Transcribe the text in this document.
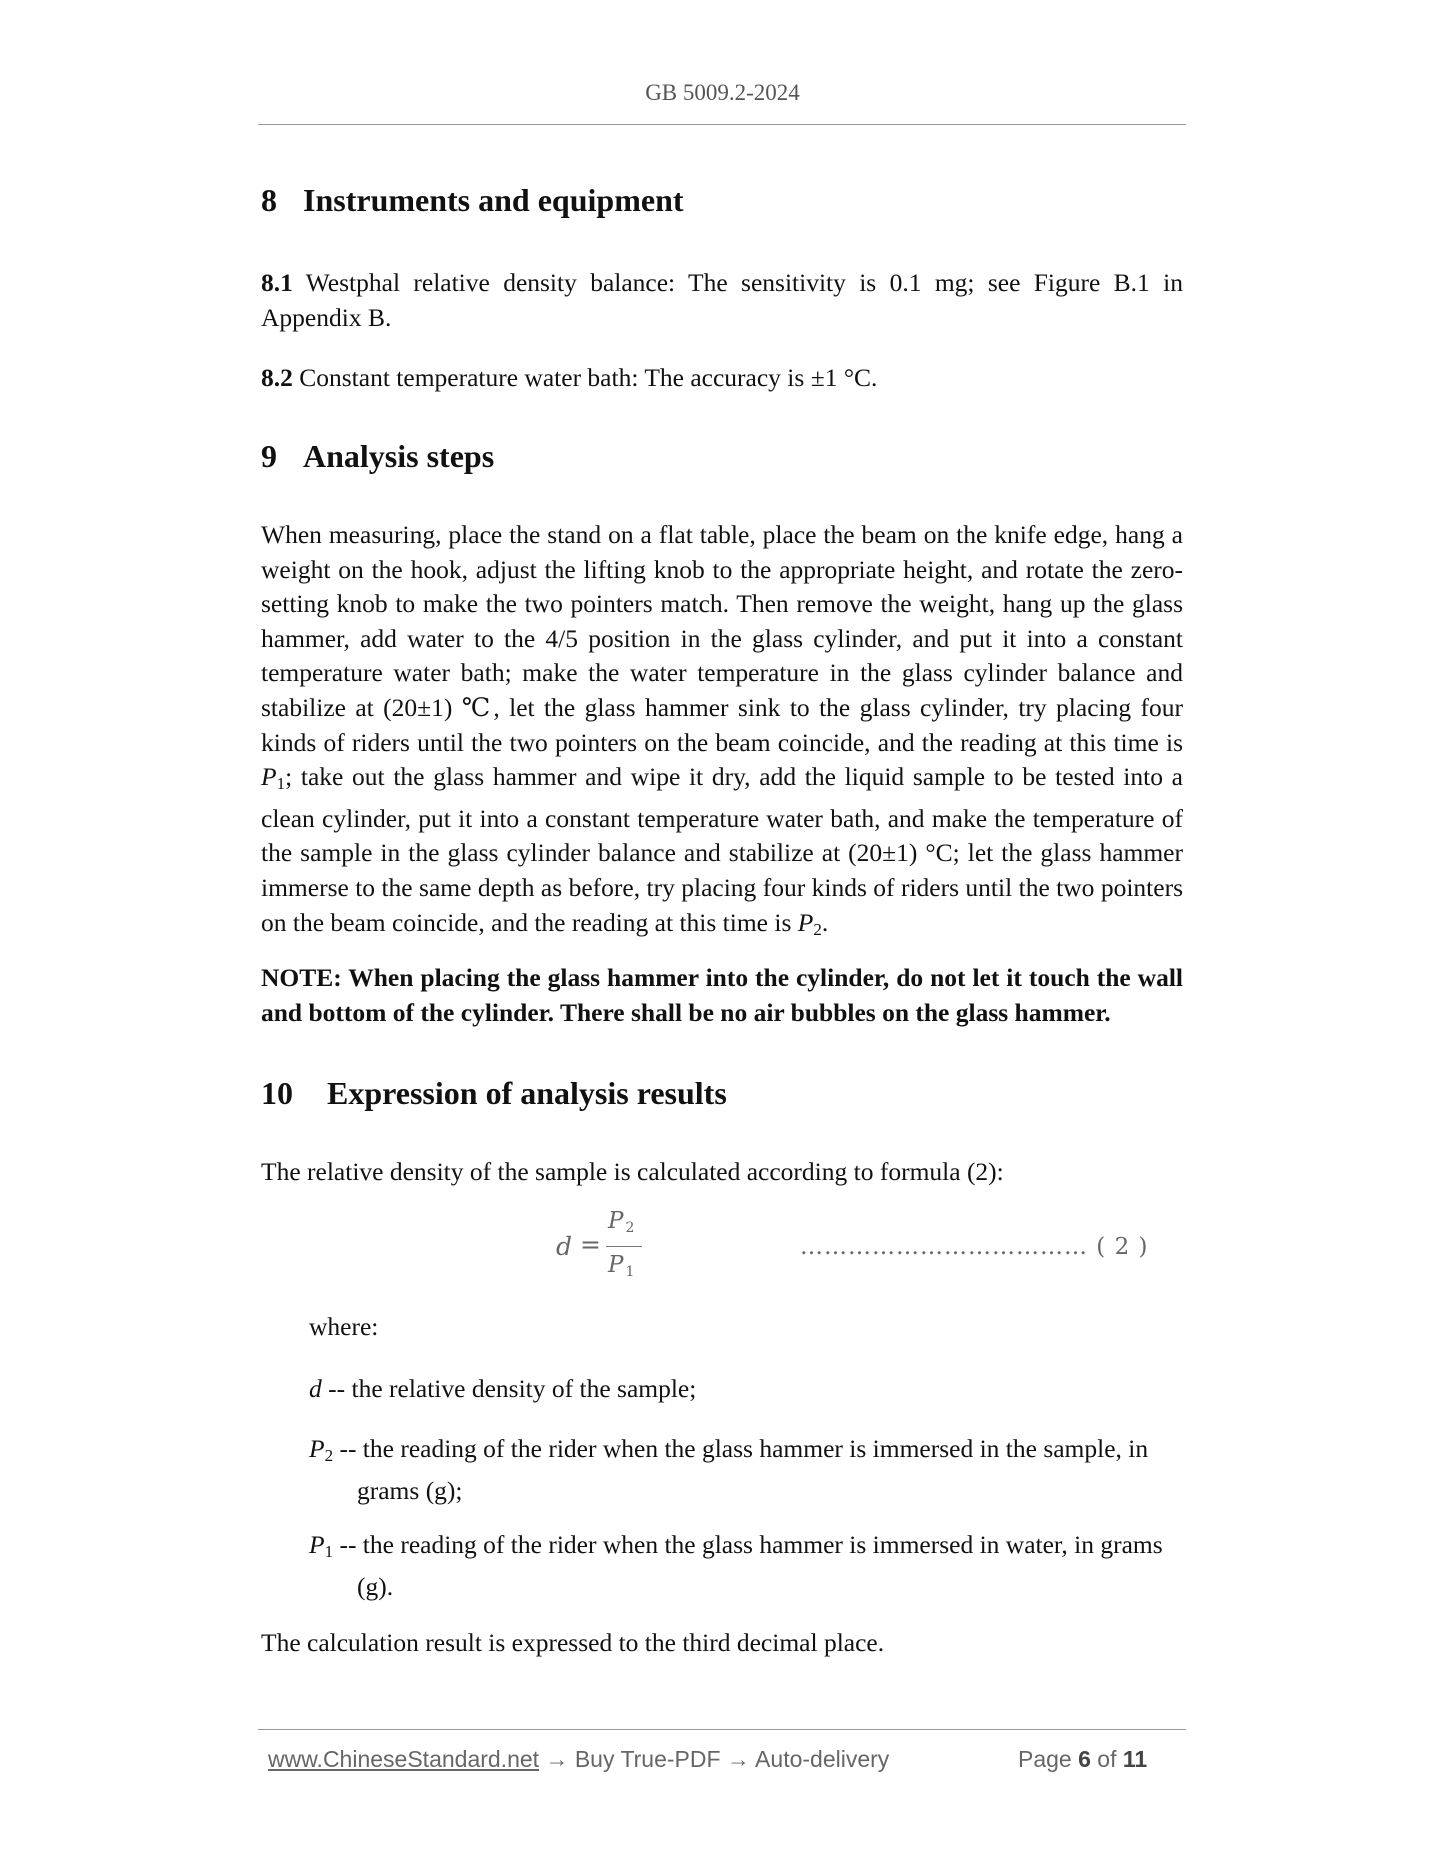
GB 5009.2-2024
8 Instruments and equipment

8.1 Westphal relative density balance: The sensitivity is 0.1 mg; see Figure B.1 in Appendix B.

8.2 Constant temperature water bath: The accuracy is ±1 °C.

9 Analysis steps

When measuring, place the stand on a flat table, place the beam on the knife edge, hang a weight on the hook, adjust the lifting knob to the appropriate height, and rotate the zero-setting knob to make the two pointers match. Then remove the weight, hang up the glass hammer, add water to the 4/5 position in the glass cylinder, and put it into a constant temperature water bath; make the water temperature in the glass cylinder balance and stabilize at (20±1) ℃, let the glass hammer sink to the glass cylinder, try placing four kinds of riders until the two pointers on the beam coincide, and the reading at this time is $P_1$; take out the glass hammer and wipe it dry, add the liquid sample to be tested into a clean cylinder, put it into a constant temperature water bath, and make the temperature of the sample in the glass cylinder balance and stabilize at (20±1) °C; let the glass hammer immerse to the same depth as before, try placing four kinds of riders until the two pointers on the beam coincide, and the reading at this time is $P_2$.

NOTE: When placing the glass hammer into the cylinder, do not let it touch the wall and bottom of the cylinder. There shall be no air bubbles on the glass hammer.

10 Expression of analysis results

The relative density of the sample is calculated according to formula (2):

d =
P 2
P 1
……………………………… ( 2 )

where:

d -- the relative density of the sample;

$P_2$ -- the reading of the rider when the glass hammer is immersed in the sample, in grams (g);

$P_1$ -- the reading of the rider when the glass hammer is immersed in water, in grams (g).

The calculation result is expressed to the third decimal place.

www.ChineseStandard.net → Buy True-PDF → Auto-delivery	Page 6 of 11
